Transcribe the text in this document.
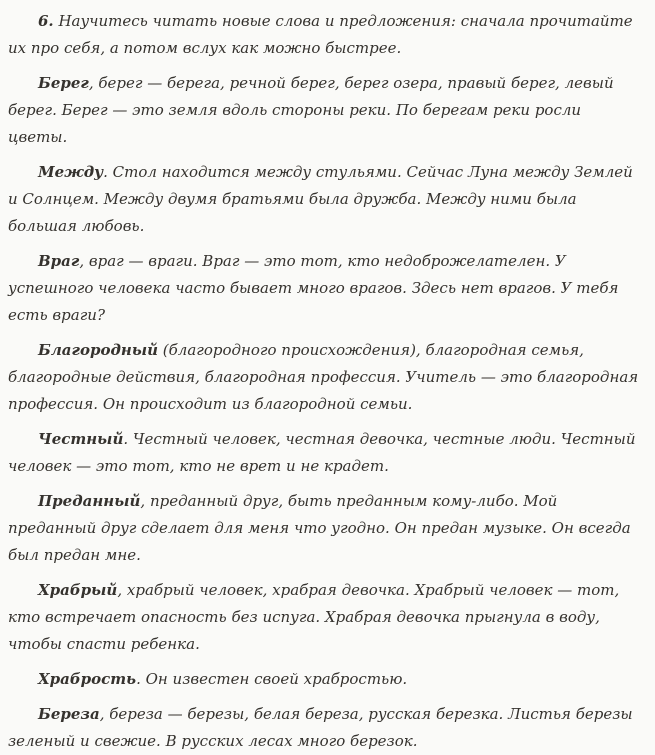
6. Научитесь читать новые слова и предложения: сначала прочитайте их про себя, а потом вслух как можно быстрее.

Берег, берег — берега, речной берег, берег озера, правый берег, левый берег. Берег — это земля вдоль стороны реки. По берегам реки росли цветы.

Между. Стол находится между стульями. Сейчас Луна между Землей и Солнцем. Между двумя братьями была дружба. Между ними была большая любовь.

Враг, враг — враги. Враг — это тот, кто недоброжелателен. У успешного человека часто бывает много врагов. Здесь нет врагов. У тебя есть враги?

Благородный (благородного происхождения), благородная семья, благородные действия, благородная профессия. Учитель — это благородная профессия. Он происходит из благородной семьи.

Честный. Честный человек, честная девочка, честные люди. Честный человек — это тот, кто не врет и не крадет.

Преданный, преданный друг, быть преданным кому-либо. Мой преданный друг сделает для меня что угодно. Он предан музыке. Он всегда был предан мне.

Храбрый, храбрый человек, храбрая девочка. Храбрый человек — тот, кто встречает опасность без испуга. Храбрая девочка прыгнула в воду, чтобы спасти ребенка.

Храбрость. Он известен своей храбростью.

Береза, береза — березы, белая береза, русская березка. Листья березы зеленый и свежие. В русских лесах много березок.
